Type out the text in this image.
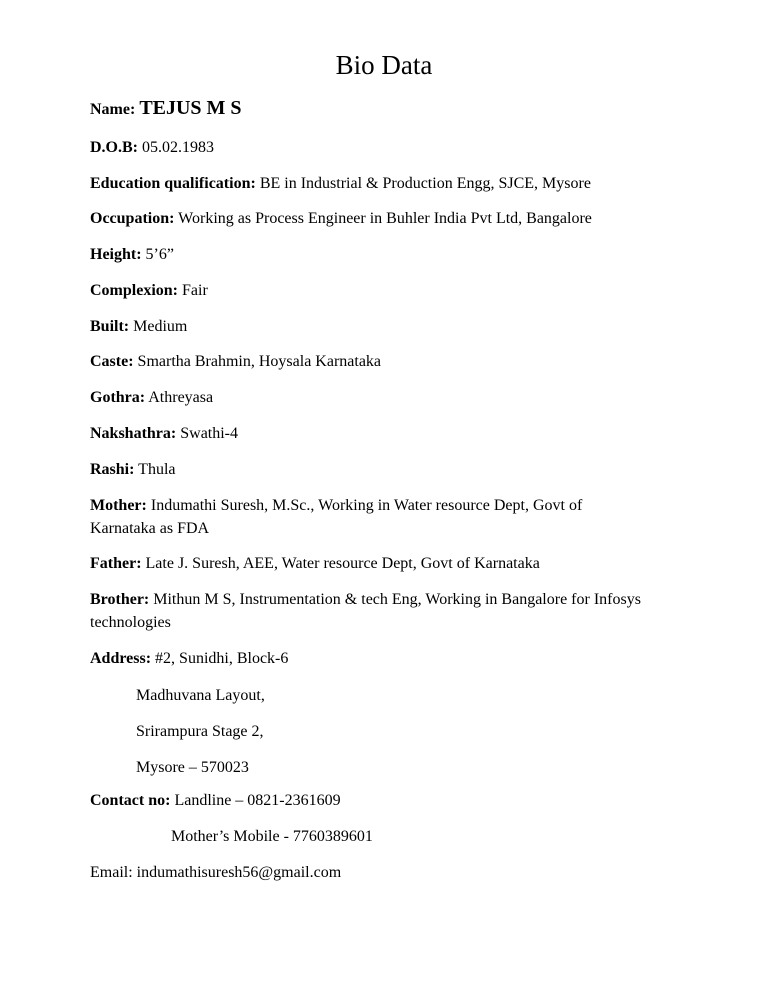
Bio Data
Name: TEJUS M S
D.O.B: 05.02.1983
Education qualification: BE in Industrial & Production Engg, SJCE, Mysore
Occupation: Working as Process Engineer in Buhler India Pvt Ltd, Bangalore
Height: 5’6”
Complexion: Fair
Built: Medium
Caste: Smartha Brahmin, Hoysala Karnataka
Gothra: Athreyasa
Nakshathra: Swathi-4
Rashi: Thula
Mother: Indumathi Suresh, M.Sc., Working in Water resource Dept, Govt of Karnataka as FDA
Father: Late J. Suresh, AEE, Water resource Dept, Govt of Karnataka
Brother: Mithun M S, Instrumentation & tech Eng, Working in Bangalore for Infosys technologies
Address: #2, Sunidhi, Block-6
Madhuvana Layout,
Srirampura Stage 2,
Mysore – 570023
Contact no: Landline – 0821-2361609
Mother’s Mobile - 7760389601
Email: indumathisuresh56@gmail.com
